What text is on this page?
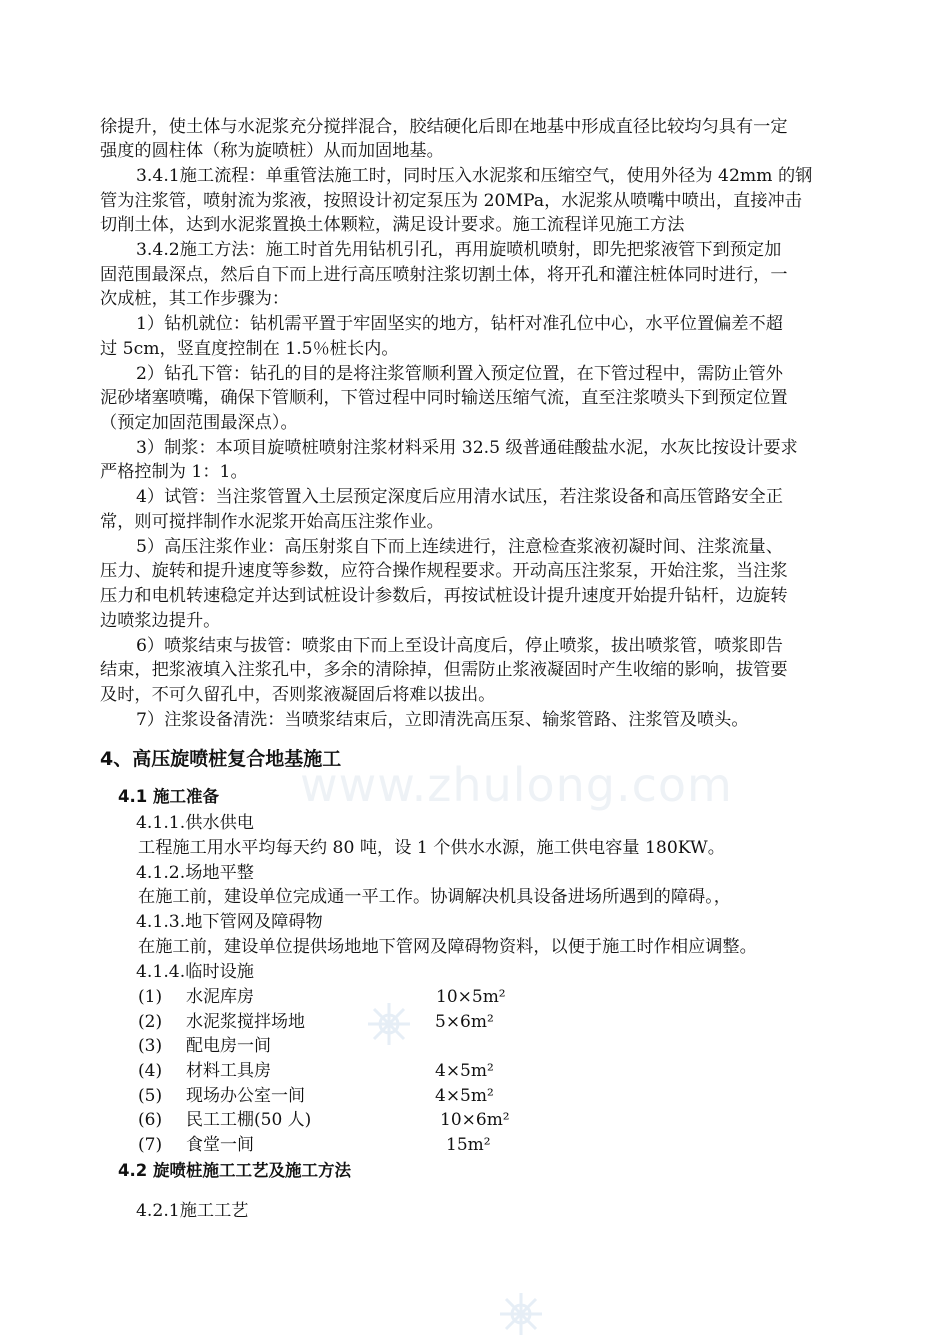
www.zhulong.com
徐提升，使土体与水泥浆充分搅拌混合，胶结硬化后即在地基中形成直径比较均匀具有一定
强度的圆柱体（称为旋喷桩）从而加固地基。
3.4.1施工流程：单重管法施工时，同时压入水泥浆和压缩空气，使用外径为 42mm 的钢
管为注浆管，喷射流为浆液，按照设计初定泵压为 20MPa，水泥浆从喷嘴中喷出，直接冲击
切削土体，达到水泥浆置换土体颗粒，满足设计要求。施工流程详见施工方法
3.4.2施工方法：施工时首先用钻机引孔，再用旋喷机喷射，即先把浆液管下到预定加
固范围最深点，然后自下而上进行高压喷射注浆切割土体，将开孔和灌注桩体同时进行，一
次成桩，其工作步骤为：
1）钻机就位：钻机需平置于牢固坚实的地方，钻杆对准孔位中心，水平位置偏差不超
过 5cm，竖直度控制在 1.5％桩长内。
2）钻孔下管：钻孔的目的是将注浆管顺利置入预定位置，在下管过程中，需防止管外
泥砂堵塞喷嘴，确保下管顺利，下管过程中同时输送压缩气流，直至注浆喷头下到预定位置
（预定加固范围最深点）。
3）制浆：本项目旋喷桩喷射注浆材料采用 32.5 级普通硅酸盐水泥，水灰比按设计要求
严格控制为 1：1。
4）试管：当注浆管置入土层预定深度后应用清水试压，若注浆设备和高压管路安全正
常，则可搅拌制作水泥浆开始高压注浆作业。
5）高压注浆作业：高压射浆自下而上连续进行，注意检查浆液初凝时间、注浆流量、
压力、旋转和提升速度等参数，应符合操作规程要求。开动高压注浆泵，开始注浆，当注浆
压力和电机转速稳定并达到试桩设计参数后，再按试桩设计提升速度开始提升钻杆，边旋转
边喷浆边提升。
6）喷浆结束与拔管：喷浆由下而上至设计高度后，停止喷浆，拔出喷浆管，喷浆即告
结束，把浆液填入注浆孔中，多余的清除掉，但需防止浆液凝固时产生收缩的影响，拔管要
及时，不可久留孔中，否则浆液凝固后将难以拔出。
7）注浆设备清洗：当喷浆结束后，立即清洗高压泵、输浆管路、注浆管及喷头。
4、高压旋喷桩复合地基施工
4.1 施工准备
4.1.1.供水供电
工程施工用水平均每天约 80 吨，设 1 个供水水源，施工供电容量 180KW。
4.1.2.场地平整
在施工前，建设单位完成通一平工作。协调解决机具设备进场所遇到的障碍。，
4.1.3.地下管网及障碍物
在施工前，建设单位提供场地地下管网及障碍物资料，以便于施工时作相应调整。
4.1.4.临时设施
(1) 水泥库房	10×5m²
(2) 水泥浆搅拌场地	5×6m²
(3) 配电房一间
(4) 材料工具房	4×5m²
(5) 现场办公室一间	4×5m²
(6) 民工工棚(50 人)	10×6m²
(7) 食堂一间	15m²
4.2 旋喷桩施工工艺及施工方法
4.2.1施工工艺
